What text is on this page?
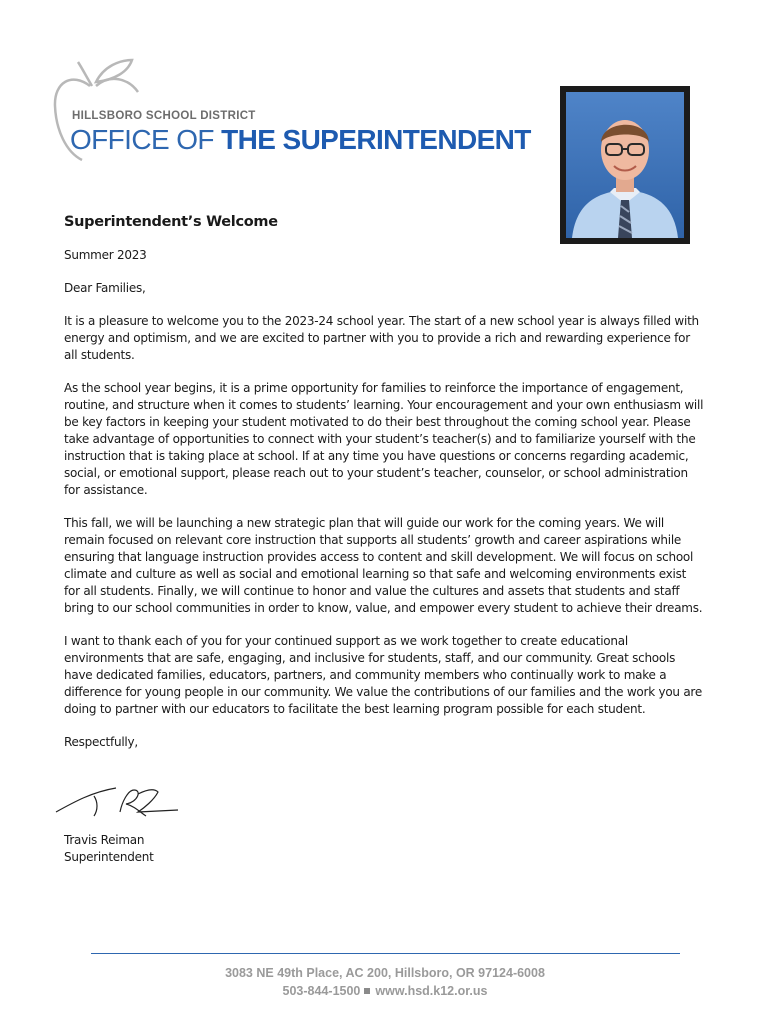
HILLSBORO SCHOOL DISTRICT
OFFICE OF THE SUPERINTENDENT
Superintendent’s Welcome

Summer 2023

Dear Families,

It is a pleasure to welcome you to the 2023-24 school year. The start of a new school year is always filled with energy and optimism, and we are excited to partner with you to provide a rich and rewarding experience for all students.

As the school year begins, it is a prime opportunity for families to reinforce the importance of engagement, routine, and structure when it comes to students’ learning. Your encouragement and your own enthusiasm will be key factors in keeping your student motivated to do their best throughout the coming school year. Please take advantage of opportunities to connect with your student’s teacher(s) and to familiarize yourself with the instruction that is taking place at school. If at any time you have questions or concerns regarding academic, social, or emotional support, please reach out to your student’s teacher, counselor, or school administration for assistance.

This fall, we will be launching a new strategic plan that will guide our work for the coming years. We will remain focused on relevant core instruction that supports all students’ growth and career aspirations while ensuring that language instruction provides access to content and skill development. We will focus on school climate and culture as well as social and emotional learning so that safe and welcoming environments exist for all students. Finally, we will continue to honor and value the cultures and assets that students and staff bring to our school communities in order to know, value, and empower every student to achieve their dreams.

I want to thank each of you for your continued support as we work together to create educational environments that are safe, engaging, and inclusive for students, staff, and our community. Great schools have dedicated families, educators, partners, and community members who continually work to make a difference for young people in our community. We value the contributions of our families and the work you are doing to partner with our educators to facilitate the best learning program possible for each student.

Respectfully,

Travis Reiman
Superintendent
3083 NE 49th Place, AC 200, Hillsboro, OR 97124-6008
503-844-1500 www.hsd.k12.or.us
